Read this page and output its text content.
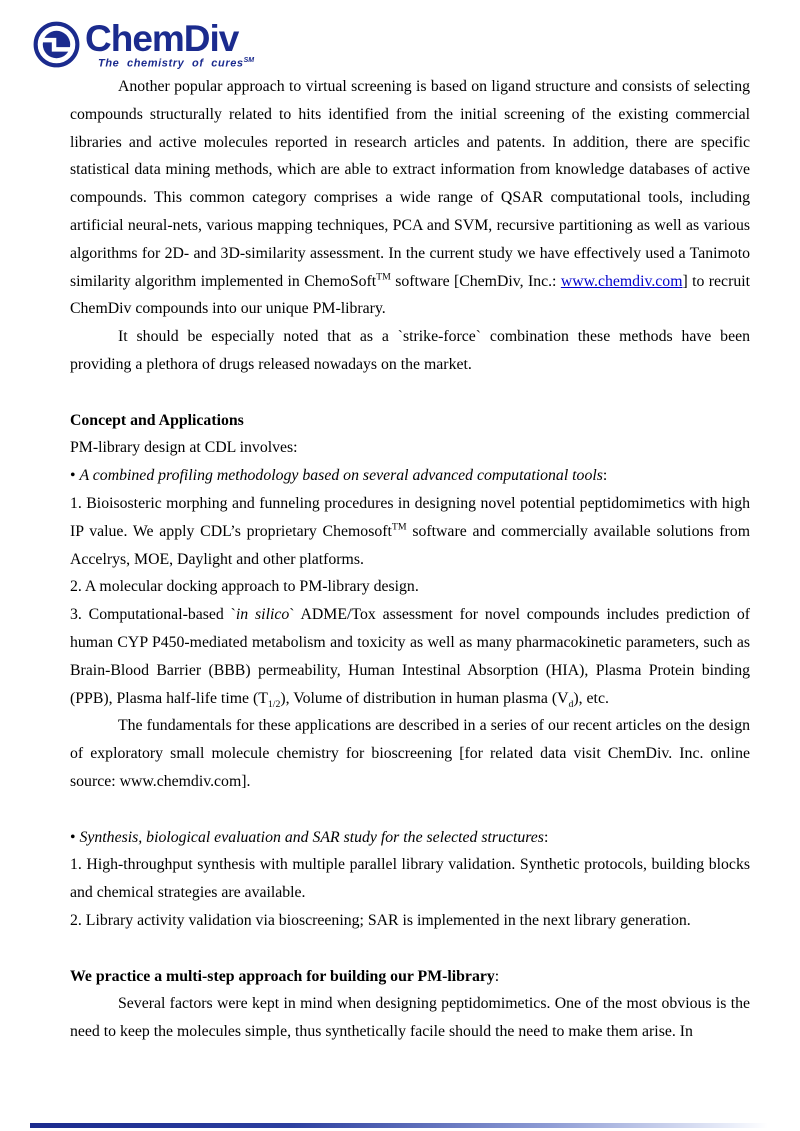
ChemDiv
The chemistry of cures℠

Another popular approach to virtual screening is based on ligand structure and consists of selecting compounds structurally related to hits identified from the initial screening of the existing commercial libraries and active molecules reported in research articles and patents. In addition, there are specific statistical data mining methods, which are able to extract information from knowledge databases of active compounds. This common category comprises a wide range of QSAR computational tools, including artificial neural-nets, various mapping techniques, PCA and SVM, recursive partitioning as well as various algorithms for 2D- and 3D-similarity assessment. In the current study we have effectively used a Tanimoto similarity algorithm implemented in ChemoSoft™ software [ChemDiv, Inc.: www.chemdiv.com] to recruit ChemDiv compounds into our unique PM-library.

It should be especially noted that as a `strike-force` combination these methods have been providing a plethora of drugs released nowadays on the market.

Concept and Applications

PM-library design at CDL involves:

• A combined profiling methodology based on several advanced computational tools:

1. Bioisosteric morphing and funneling procedures in designing novel potential peptidomimetics with high IP value. We apply CDL’s proprietary Chemosoft™ software and commercially available solutions from Accelrys, MOE, Daylight and other platforms.

2. A molecular docking approach to PM-library design.

3. Computational-based `in silico` ADME/Tox assessment for novel compounds includes prediction of human CYP P450-mediated metabolism and toxicity as well as many pharmacokinetic parameters, such as Brain-Blood Barrier (BBB) permeability, Human Intestinal Absorption (HIA), Plasma Protein binding (PPB), Plasma half-life time $(T_{1/2})$, Volume of distribution in human plasma $(V_d)$, etc.

The fundamentals for these applications are described in a series of our recent articles on the design of exploratory small molecule chemistry for bioscreening [for related data visit ChemDiv. Inc. online source: www.chemdiv.com].

• Synthesis, biological evaluation and SAR study for the selected structures:

1. High-throughput synthesis with multiple parallel library validation. Synthetic protocols, building blocks and chemical strategies are available.

2. Library activity validation via bioscreening; SAR is implemented in the next library generation.

We practice a multi-step approach for building our PM-library:

Several factors were kept in mind when designing peptidomimetics. One of the most obvious is the need to keep the molecules simple, thus synthetically facile should the need to make them arise. In
